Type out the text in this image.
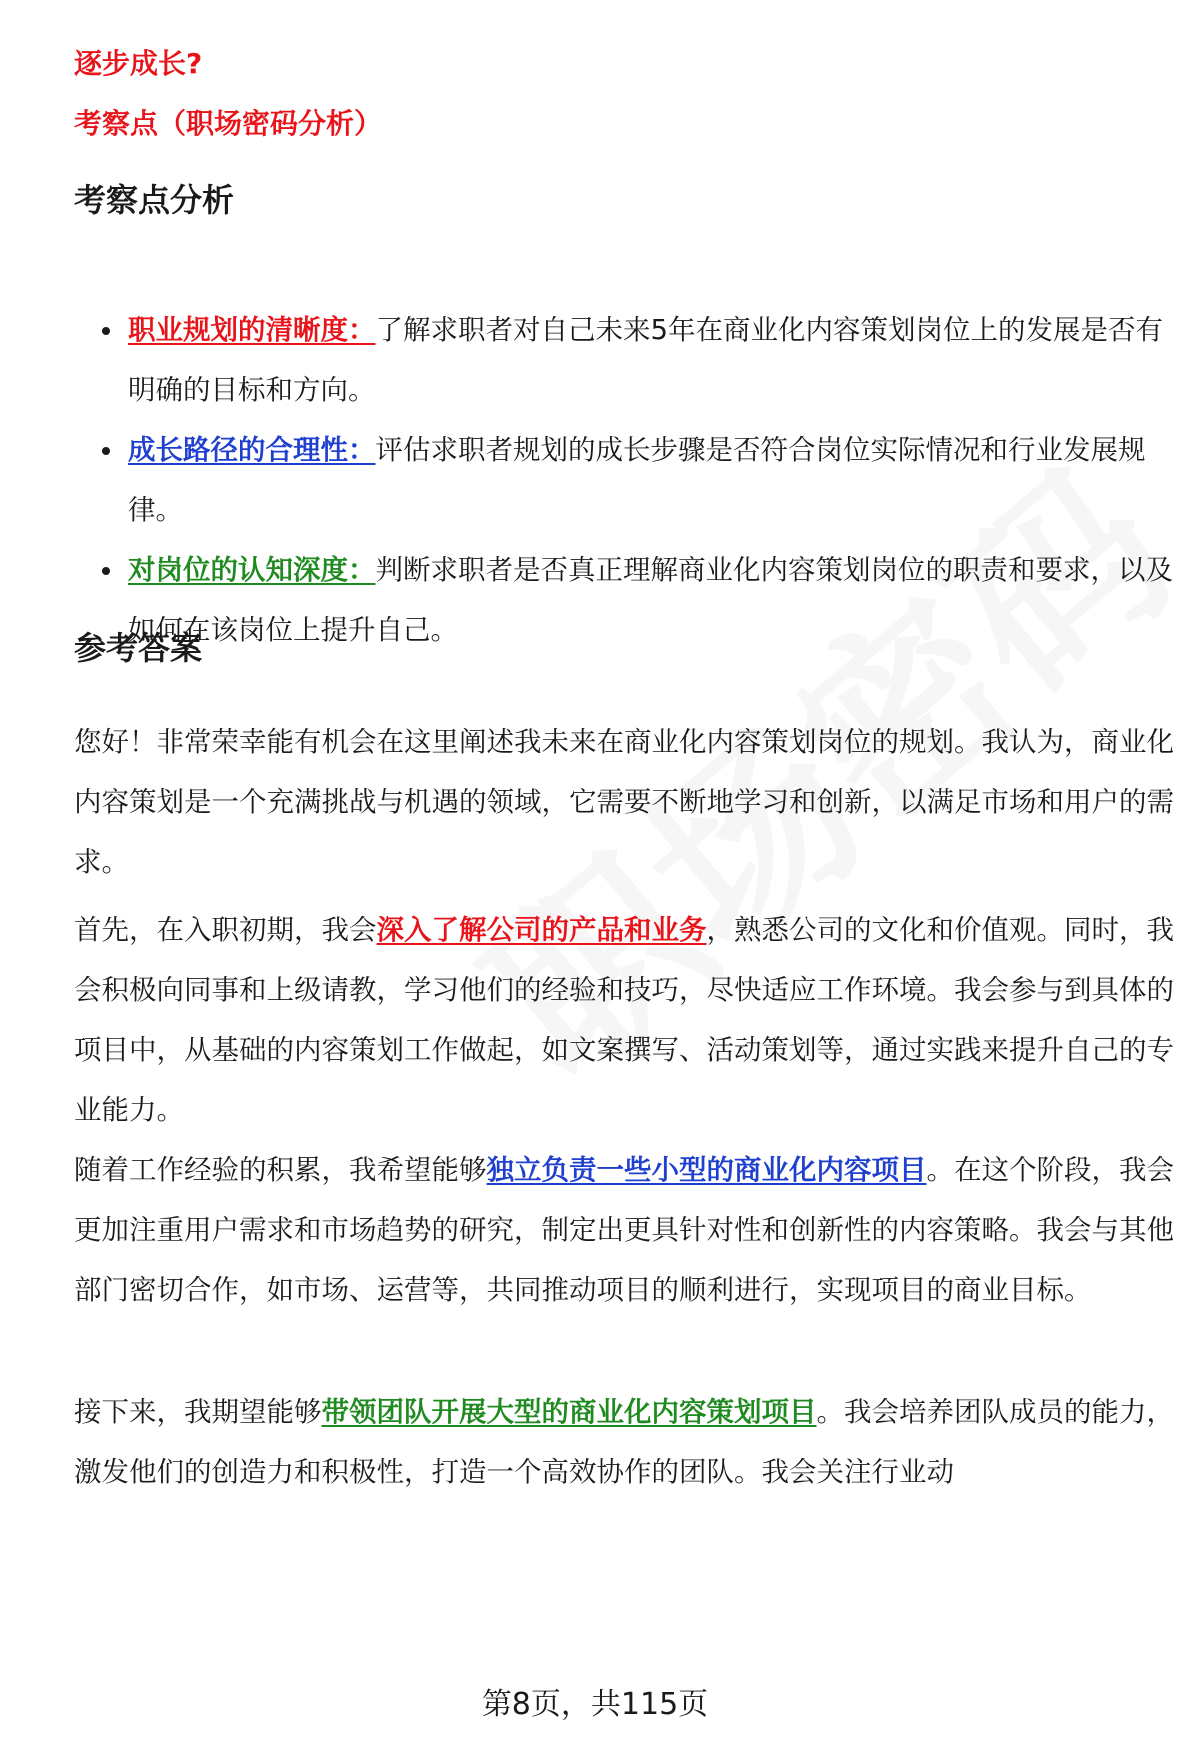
逐步成长?
考察点（职场密码分析）
考察点分析
职业规划的清晰度：了解求职者对自己未来5年在商业化内容策划岗位上的发展是否有明确的目标和方向。
成长路径的合理性：评估求职者规划的成长步骤是否符合岗位实际情况和行业发展规律。
对岗位的认知深度：判断求职者是否真正理解商业化内容策划岗位的职责和要求，以及如何在该岗位上提升自己。
参考答案

您好！非常荣幸能有机会在这里阐述我未来在商业化内容策划岗位的规划。我认为，商业化内容策划是一个充满挑战与机遇的领域，它需要不断地学习和创新，以满足市场和用户的需求。

首先，在入职初期，我会深入了解公司的产品和业务，熟悉公司的文化和价值观。同时，我会积极向同事和上级请教，学习他们的经验和技巧，尽快适应工作环境。我会参与到具体的项目中，从基础的内容策划工作做起，如文案撰写、活动策划等，通过实践来提升自己的专业能力。

随着工作经验的积累，我希望能够独立负责一些小型的商业化内容项目。在这个阶段，我会更加注重用户需求和市场趋势的研究，制定出更具针对性和创新性的内容策略。我会与其他部门密切合作，如市场、运营等，共同推动项目的顺利进行，实现项目的商业目标。

接下来，我期望能够带领团队开展大型的商业化内容策划项目。我会培养团队成员的能力，激发他们的创造力和积极性，打造一个高效协作的团队。我会关注行业动

第8页，共115页
